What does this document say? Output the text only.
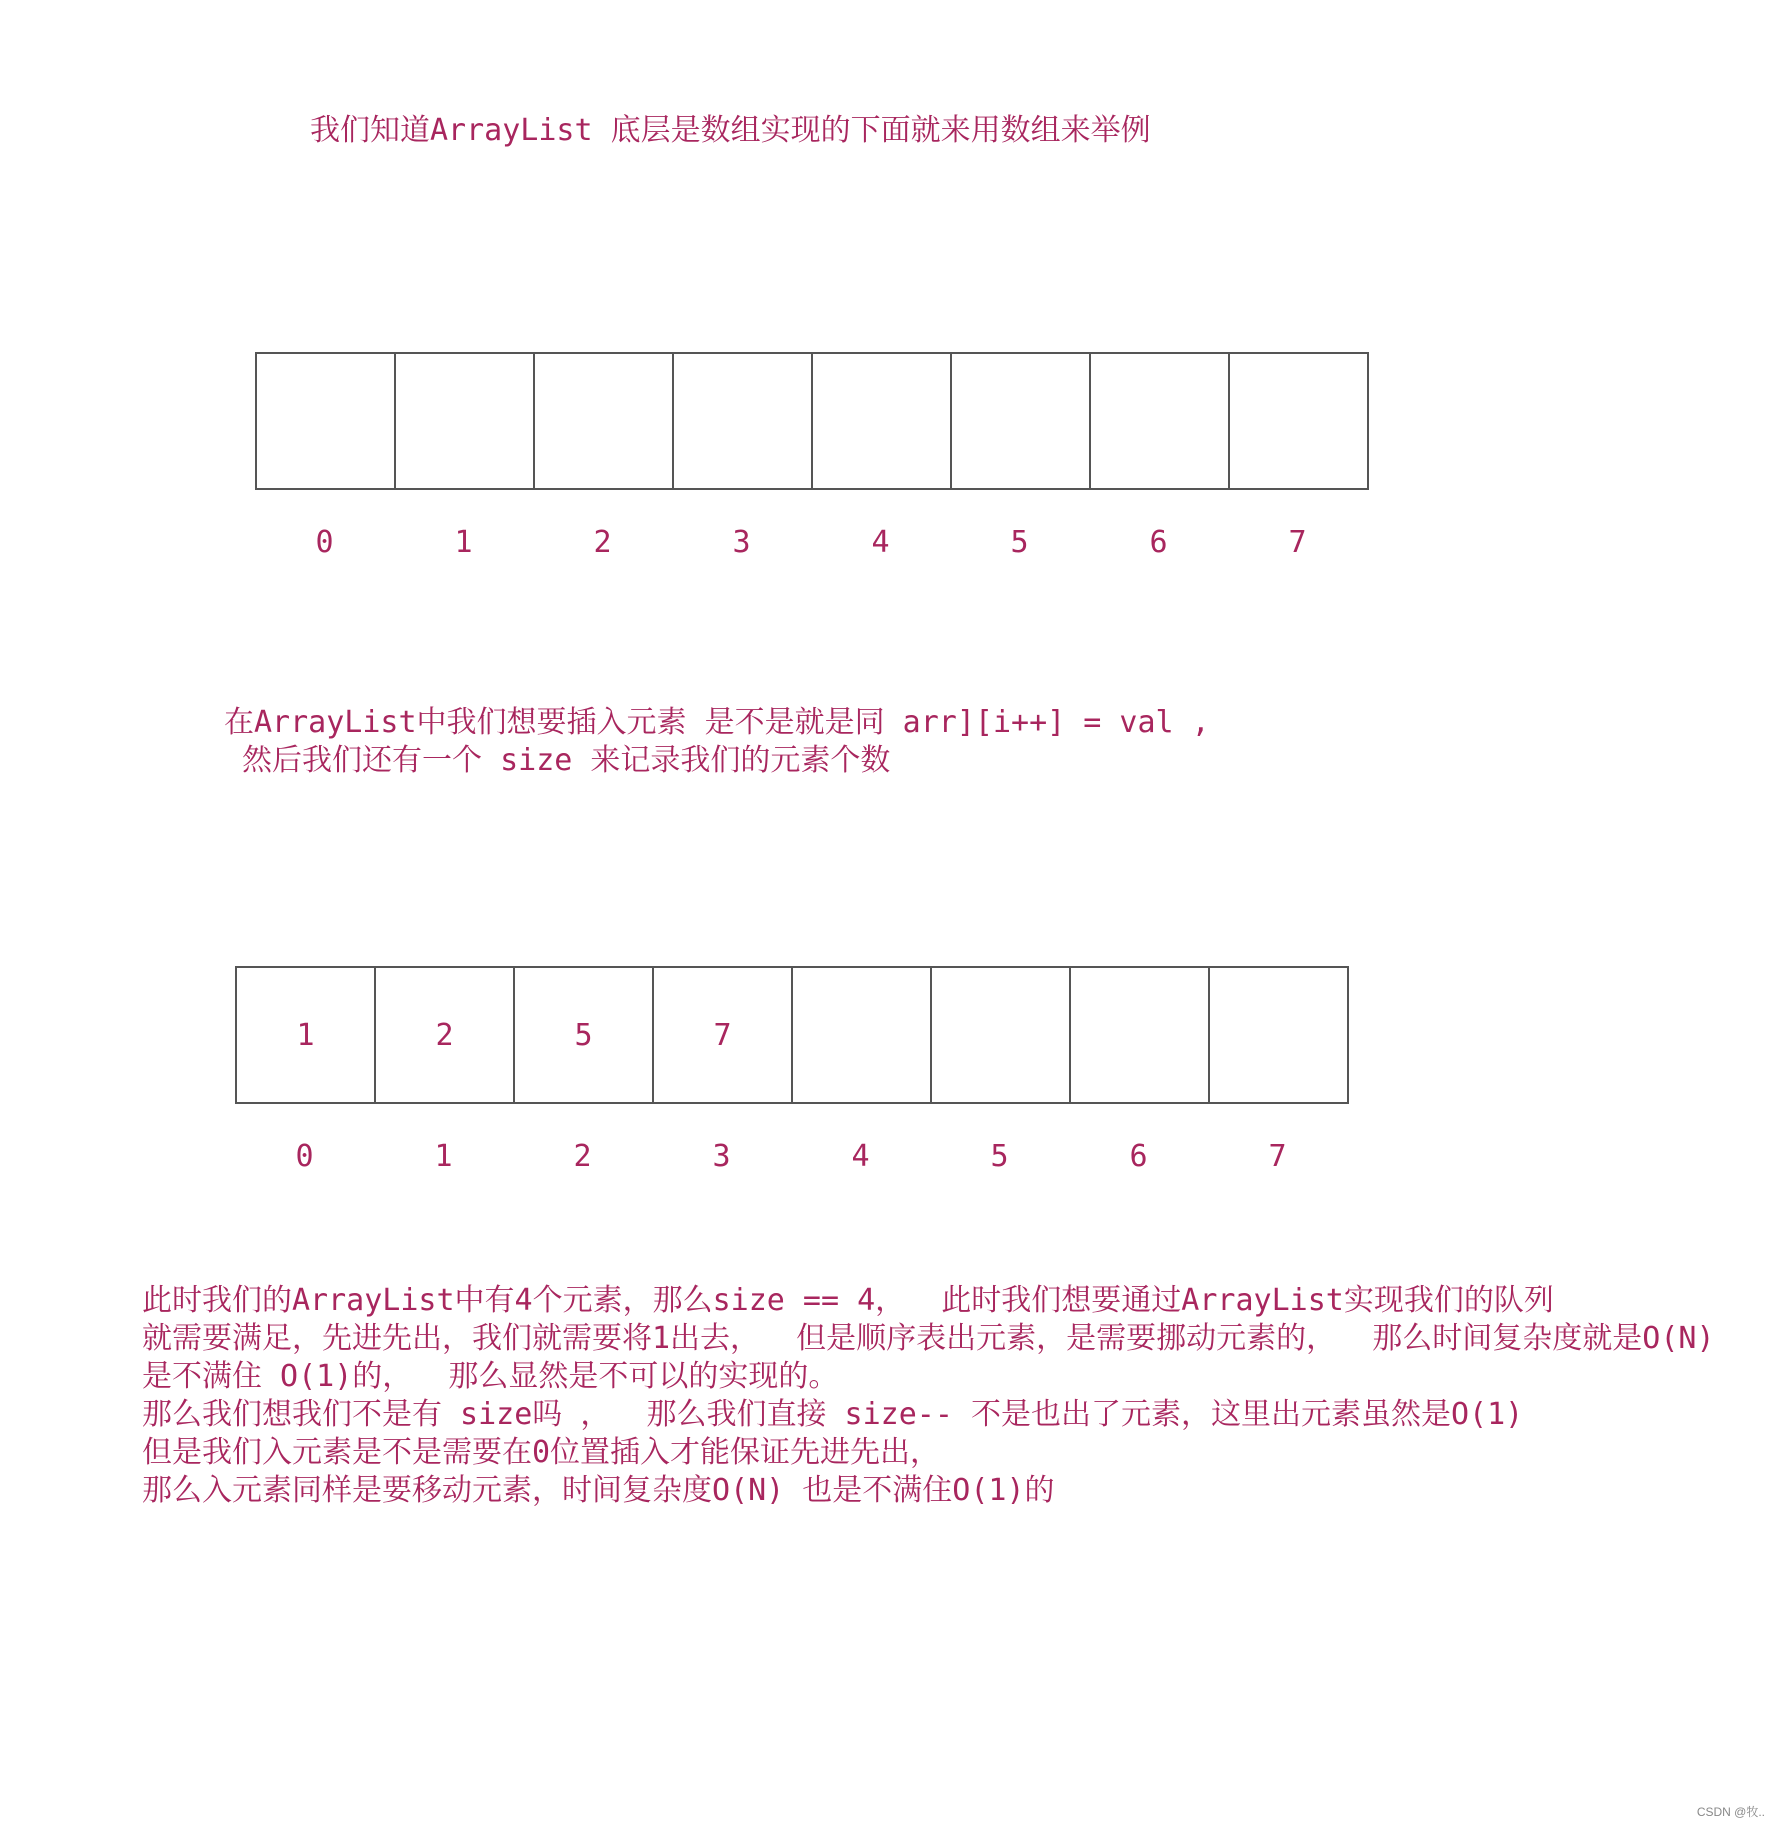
我们知道ArrayList 底层是数组实现的下面就来用数组来举例
0	1	2	3	4	5	6	7
在ArrayList中我们想要插入元素 是不是就是同 arr][i++] = val ,
然后我们还有一个 size 来记录我们的元素个数
1	2	5	7
0	1	2	3	4	5	6	7
此时我们的ArrayList中有4个元素，那么size == 4，  此时我们想要通过ArrayList实现我们的队列
就需要满足，先进先出，我们就需要将1出去，  但是顺序表出元素，是需要挪动元素的，  那么时间复杂度就是O(N)
是不满住 O(1)的，  那么显然是不可以的实现的。
那么我们想我们不是有 size吗 ，  那么我们直接 size-- 不是也出了元素，这里出元素虽然是O(1)
但是我们入元素是不是需要在0位置插入才能保证先进先出，
那么入元素同样是要移动元素，时间复杂度O(N) 也是不满住O(1)的
CSDN @牧..
